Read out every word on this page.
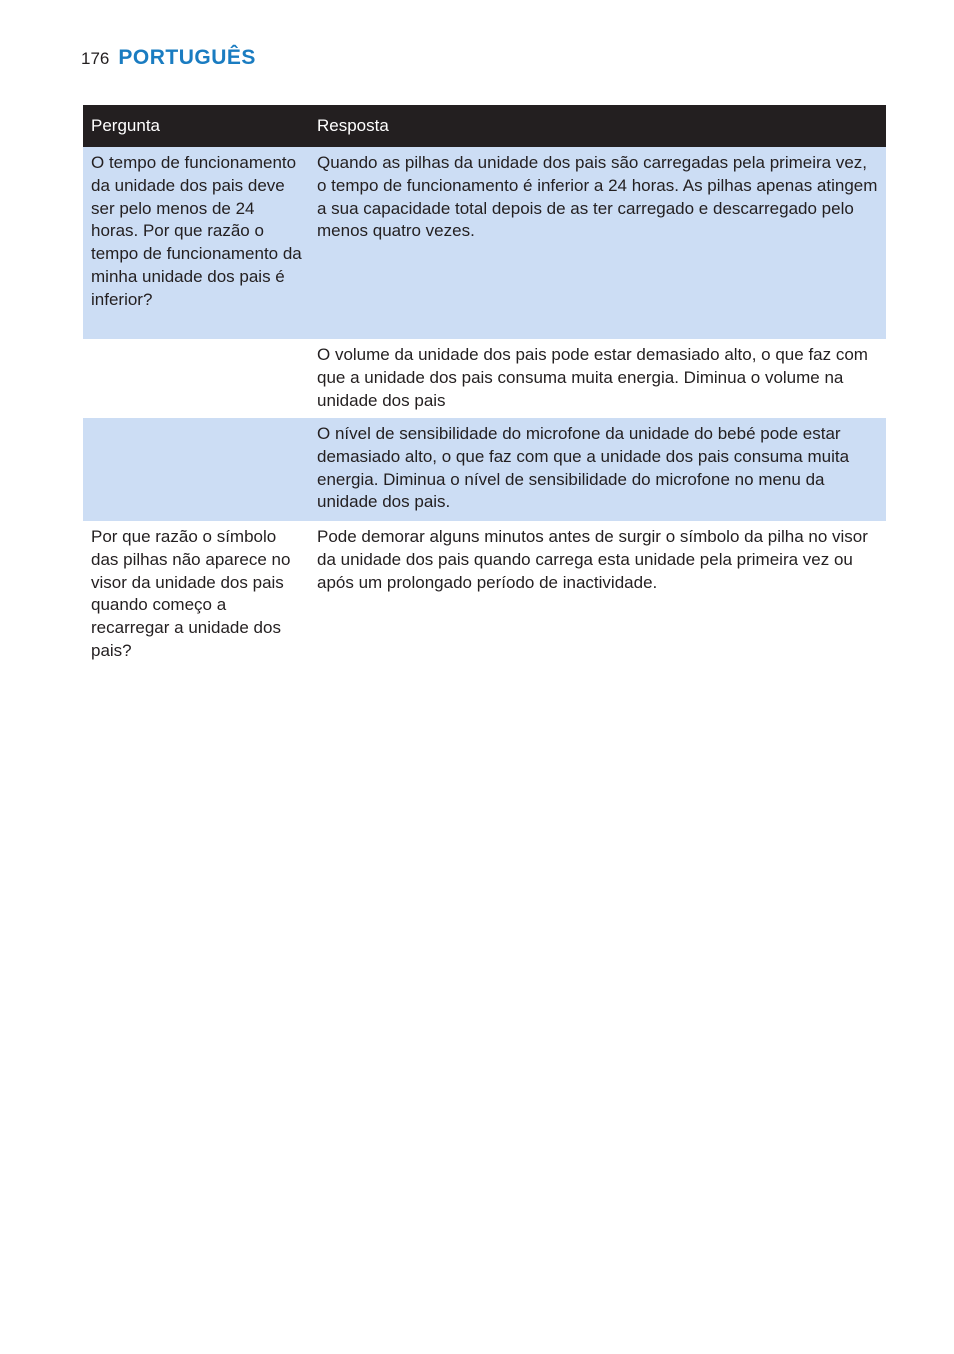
176 PORTUGUÊS
Pergunta	Resposta
O tempo de funcionamento da unidade dos pais deve ser pelo menos de 24 horas. Por que razão o tempo de funcionamento da minha unidade dos pais é inferior?	Quando as pilhas da unidade dos pais são carregadas pela primeira vez, o tempo de funcionamento é inferior a 24 horas. As pilhas apenas atingem a sua capacidade total depois de as ter carregado e descarregado pelo menos quatro vezes.
	O volume da unidade dos pais pode estar demasiado alto, o que faz com que a unidade dos pais consuma muita energia. Diminua o volume na unidade dos pais
	O nível de sensibilidade do microfone da unidade do bebé pode estar demasiado alto, o que faz com que a unidade dos pais consuma muita energia. Diminua o nível de sensibilidade do microfone no menu da unidade dos pais.
Por que razão o símbolo das pilhas não aparece no visor da unidade dos pais quando começo a recarregar a unidade dos pais?	Pode demorar alguns minutos antes de surgir o símbolo da pilha no visor da unidade dos pais quando carrega esta unidade pela primeira vez ou após um prolongado período de inactividade.
